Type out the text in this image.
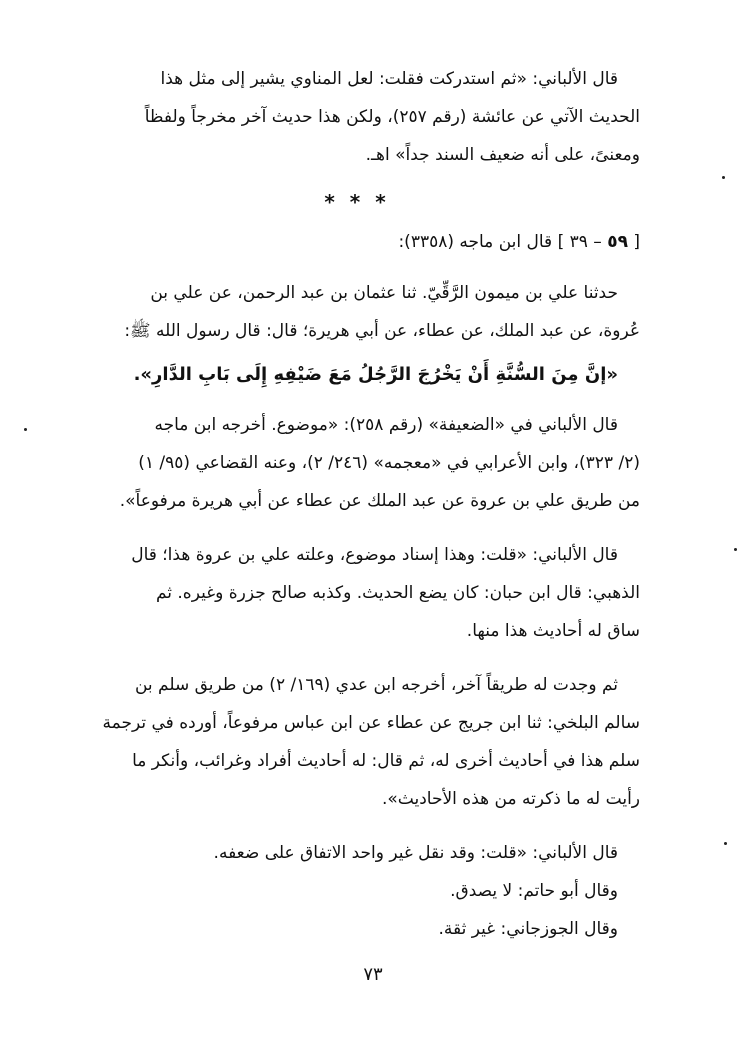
قال الألباني: «ثم استدركت فقلت: لعل المناوي يشير إلى مثل هذا
الحديث الآتي عن عائشة (رقم ٢٥٧)، ولكن هذا حديث آخر مخرجاً ولفظاً
ومعنىً، على أنه ضعيف السند جداً» اهـ.

* * *

[ ٥٩ – ٣٩ ] قال ابن ماجه (٣٣٥٨):

حدثنا علي بن ميمون الرَّقِّيّ. ثنا عثمان بن عبد الرحمن، عن علي بن
عُروة، عن عبد الملك، عن عطاء، عن أبي هريرة؛ قال: قال رسول الله ﷺ:

«إنَّ مِنَ السُّنَّةِ أَنْ يَخْرُجَ الرَّجُلُ مَعَ ضَيْفِهِ إِلَى بَابِ الدَّارِ».

قال الألباني في «الضعيفة» (رقم ٢٥٨): «موضوع. أخرجه ابن ماجه
(٢/ ٣٢٣)، وابن الأعرابي في «معجمه» (٢٤٦/ ٢)، وعنه القضاعي (٩٥/ ١)
من طريق علي بن عروة عن عبد الملك عن عطاء عن أبي هريرة مرفوعاً».

قال الألباني: «قلت: وهذا إسناد موضوع، وعلته علي بن عروة هذا؛ قال
الذهبي: قال ابن حبان: كان يضع الحديث. وكذبه صالح جزرة وغيره. ثم
ساق له أحاديث هذا منها.

ثم وجدت له طريقاً آخر، أخرجه ابن عدي (١٦٩/ ٢) من طريق سلم بن
سالم البلخي: ثنا ابن جريج عن عطاء عن ابن عباس مرفوعاً، أورده في ترجمة
سلم هذا في أحاديث أخرى له، ثم قال: له أحاديث أفراد وغرائب، وأنكر ما
رأيت له ما ذكرته من هذه الأحاديث».

قال الألباني: «قلت: وقد نقل غير واحد الاتفاق على ضعفه.

وقال أبو حاتم: لا يصدق.

وقال الجوزجاني: غير ثقة.

٧٣
